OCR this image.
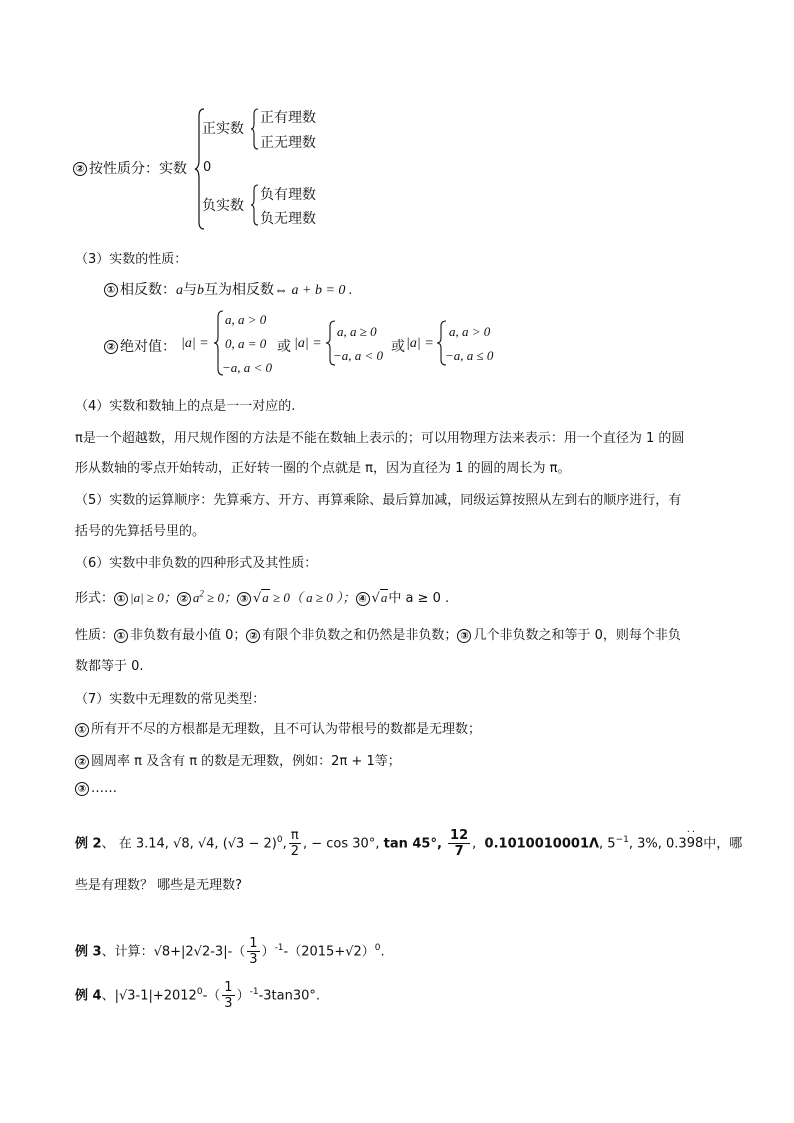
② 按性质分：实数
正实数
正有理数
正无理数
0
负实数
负有理数
负无理数
（3）实数的性质：
① 相反数：a与b互为相反数⇔ a + b = 0 .
② 绝对值： |a| =
a, a > 0
0, a = 0
−a, a < 0
或 |a| =
a, a ≥ 0
−a, a < 0
或 |a| =
a, a > 0
−a, a ≤ 0
（4）实数和数轴上的点是一一对应的.
π是一个超越数，用尺规作图的方法是不能在数轴上表示的；可以用物理方法来表示：用一个直径为 1 的圆
形从数轴的零点开始转动，正好转一圈的个点就是 π，因为直径为 1 的圆的周长为 π。
（5）实数的运算顺序：先算乘方、开方、再算乘除、最后算加减，同级运算按照从左到右的顺序进行，有
括号的先算括号里的。
（6）实数中非负数的四种形式及其性质：
形式： ① |a| ≥ 0； ② $a^2 \ge 0$； ③ √a ≥ 0（ a ≥ 0 ）； ④ √a中 a ≥ 0 .
性质： ① 非负数有最小值 0； ② 有限个非负数之和仍然是非负数； ③ 几个非负数之和等于 0，则每个非负
数都等于 0.
（7）实数中无理数的常见类型：
① 所有开不尽的方根都是无理数，且不可认为带根号的数都是无理数；
② 圆周率 π 及含有 π 的数是无理数，例如：2π + 1等；
③ ……
例 2、 在 3.14, √8, √4, $(√3 - 2)^0$, $\frac{\pi}{2}$ , − cos 30°, tan 45°, $\frac{12}{7}$ ,  0.1010010001Λ, $5^{-1}$, 3%, 0.398
··
中，哪
些是有理数？ 哪些是无理数?
例 3、计算：$√8+|2√2-3|-( \frac{1}{3} )^{-1}-(2015+√2)^0$.
例 4、$|√3-1|+2012^0-( \frac{1}{3} )^{-1}-3\tan 30^\circ$.
